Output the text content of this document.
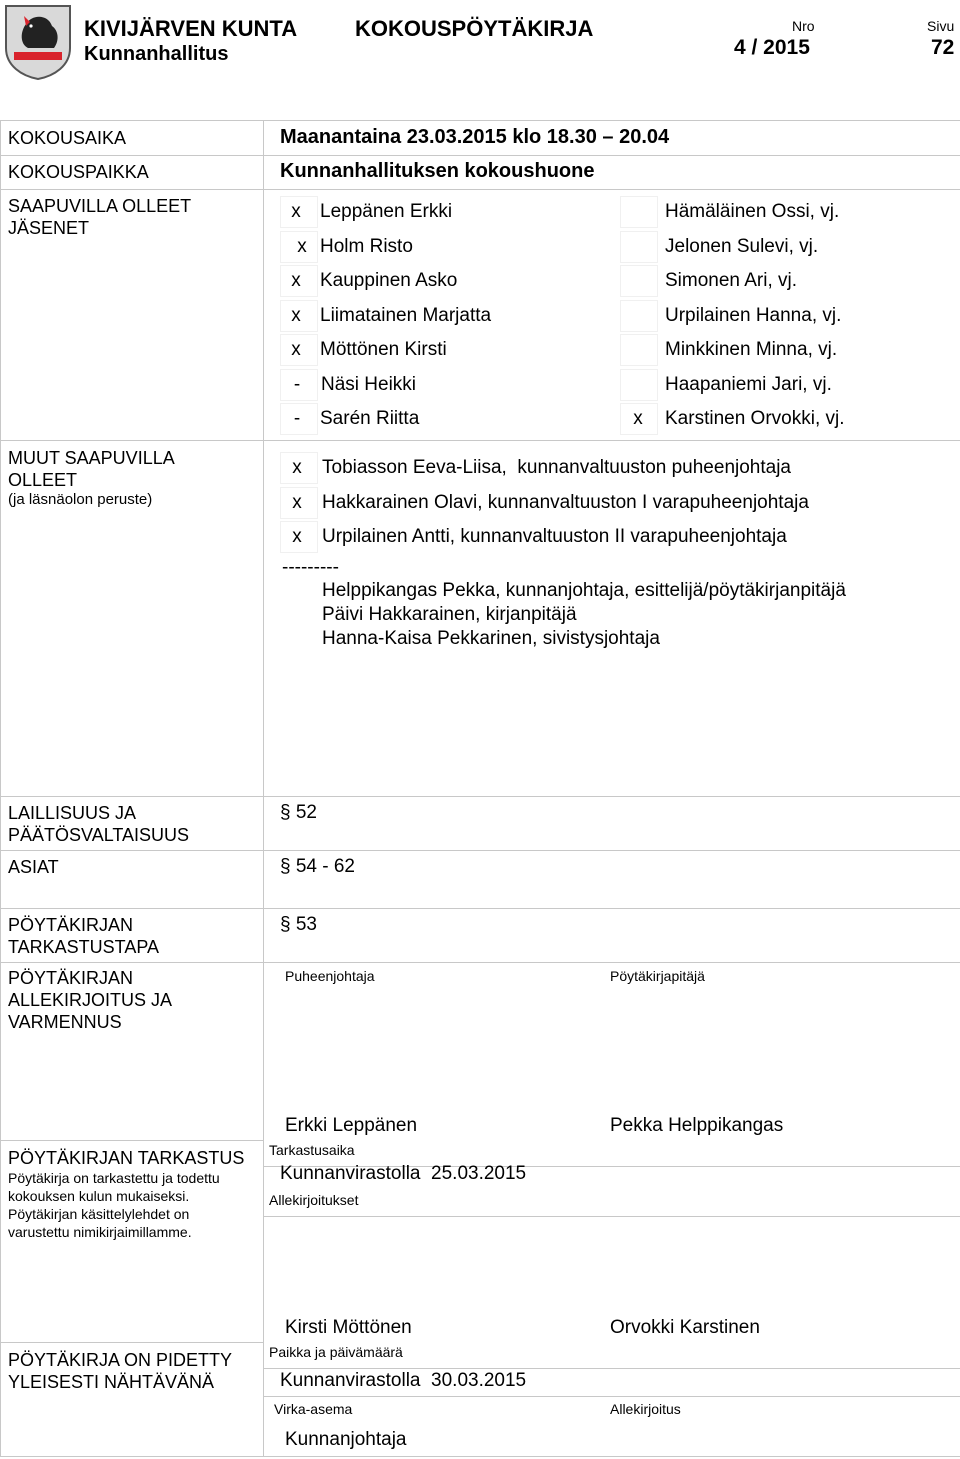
KIVIJÄRVEN KUNTA
Kunnanhallitus
KOKOUSPÖYTÄKIRJA	Nro
4 / 2015
Sivu
72
KOKOUSAIKA	Maanantaina 23.03.2015 klo 18.30 – 20.04
KOKOUSPAIKKA	Kunnanhallituksen kokoushuone
SAAPUVILLA OLLEET
JÄSENET
x	Leppänen Erkki	Hämäläinen Ossi, vj.
x Holm Risto	Jelonen Sulevi, vj.
x	Kauppinen Asko	Simonen Ari, vj.
x	Liimatainen Marjatta	Urpilainen Hanna, vj.
x	Möttönen Kirsti	Minkkinen Minna, vj.
-	Näsi Heikki	Haapaniemi Jari, vj.
-	Sarén Riitta	x	Karstinen Orvokki, vj.
MUUT SAAPUVILLA
OLLEET
(ja läsnäolon peruste)
x	Tobiasson Eeva-Liisa,  kunnanvaltuuston puheenjohtaja
x	Hakkarainen Olavi, kunnanvaltuuston I varapuheenjohtaja
x	Urpilainen Antti, kunnanvaltuuston II varapuheenjohtaja
---------
Helppikangas Pekka, kunnanjohtaja, esittelijä/pöytäkirjanpitäjä
Päivi Hakkarainen, kirjanpitäjä
Hanna-Kaisa Pekkarinen, sivistysjohtaja
LAILLISUUS JA
PÄÄTÖSVALTAISUUS
§ 52
ASIAT	§ 54 - 62
PÖYTÄKIRJAN
TARKASTUSTAPA
§ 53
PÖYTÄKIRJAN
ALLEKIRJOITUS JA
VARMENNUS
Puheenjohtaja	Pöytäkirjapitäjä
Erkki Leppänen	Pekka Helppikangas
PÖYTÄKIRJAN TARKASTUS
Pöytäkirja on tarkastettu ja todettu
kokouksen kulun mukaiseksi.
Pöytäkirjan käsittelylehdet on
varustettu nimikirjaimillamme.
Tarkastusaika
Kunnanvirastolla  25.03.2015
Allekirjoitukset
Kirsti Möttönen	Orvokki Karstinen
PÖYTÄKIRJA ON PIDETTY
YLEISESTI NÄHTÄVÄNÄ
Paikka ja päivämäärä
Kunnanvirastolla  30.03.2015
Virka-asema	Allekirjoitus
Kunnanjohtaja
